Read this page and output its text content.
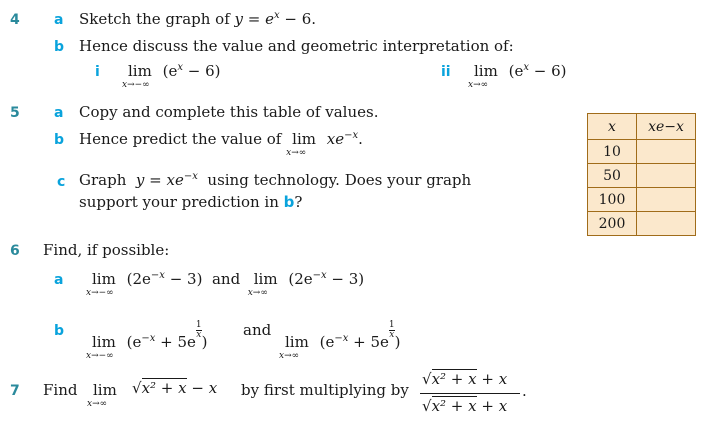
4 a Sketch the graph of $y = e^x - 6$.
b Hence discuss the value and geometric interpretation of:
i lim
x→−∞
$(e^x - 6)$	ii lim
x→∞
$(e^x - 6)$
5 a Copy and complete this table of values.
b Hence predict the value of lim
x→∞
$xe^{-x}$.
c Graph $y = xe^{-x}$ using technology. Does your graph
support your prediction in b?
x	xe−x
10	
50	
100	
200	
6 Find, if possible:
a lim
x→−∞
$(2e^{-x} - 3)$ and lim
x→∞
$(2e^{-x} - 3)$
b
lim
x→−∞
($e^{-x} + 5e$
$^{\frac{1}{x}}$
)
and
lim
x→∞
($e^{-x} + 5e$
$^{\frac{1}{x}}$
)
7 Find lim
x→∞
√x² + x − x by first multiplying by
√x² + x + x
√x² + x + x
.
